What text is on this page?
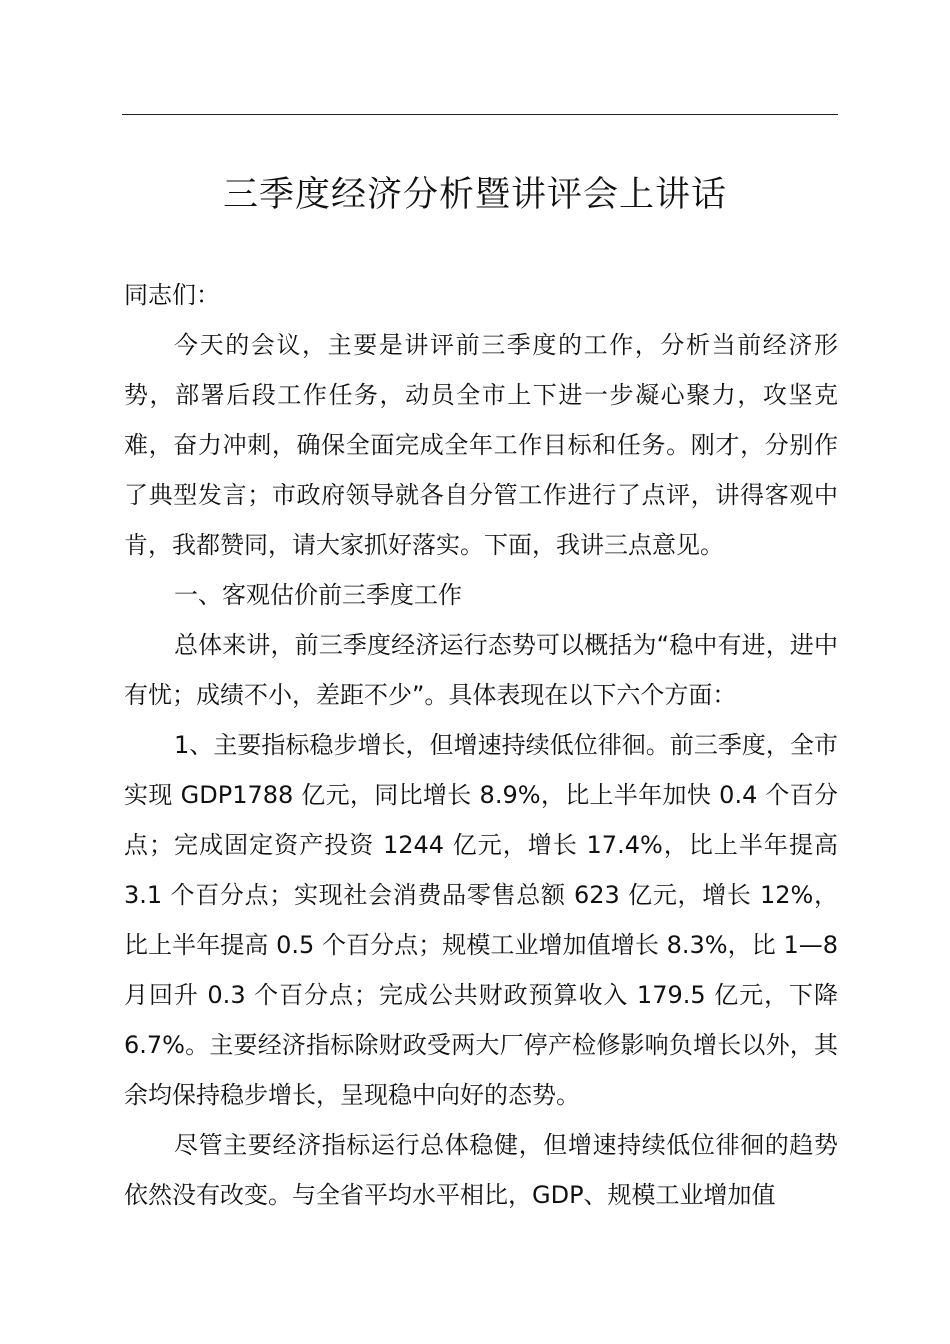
三季度经济分析暨讲评会上讲话

同志们：

今天的会议，主要是讲评前三季度的工作，分析当前经济形势，部署后段工作任务，动员全市上下进一步凝心聚力，攻坚克难，奋力冲刺，确保全面完成全年工作目标和任务。刚才，分别作了典型发言；市政府领导就各自分管工作进行了点评，讲得客观中肯，我都赞同，请大家抓好落实。下面，我讲三点意见。

一、客观估价前三季度工作

总体来讲，前三季度经济运行态势可以概括为“稳中有进，进中有忧；成绩不小，差距不少”。具体表现在以下六个方面：

1、主要指标稳步增长，但增速持续低位徘徊。前三季度，全市实现 GDP1788 亿元，同比增长 8.9%，比上半年加快 0.4 个百分点；完成固定资产投资 1244 亿元，增长 17.4%，比上半年提高 3.1 个百分点；实现社会消费品零售总额 623 亿元，增长 12%，比上半年提高 0.5 个百分点；规模工业增加值增长 8.3%，比 1—8 月回升 0.3 个百分点；完成公共财政预算收入 179.5 亿元，下降 6.7%。主要经济指标除财政受两大厂停产检修影响负增长以外，其余均保持稳步增长，呈现稳中向好的态势。

尽管主要经济指标运行总体稳健，但增速持续低位徘徊的趋势依然没有改变。与全省平均水平相比，GDP、规模工业增加值
